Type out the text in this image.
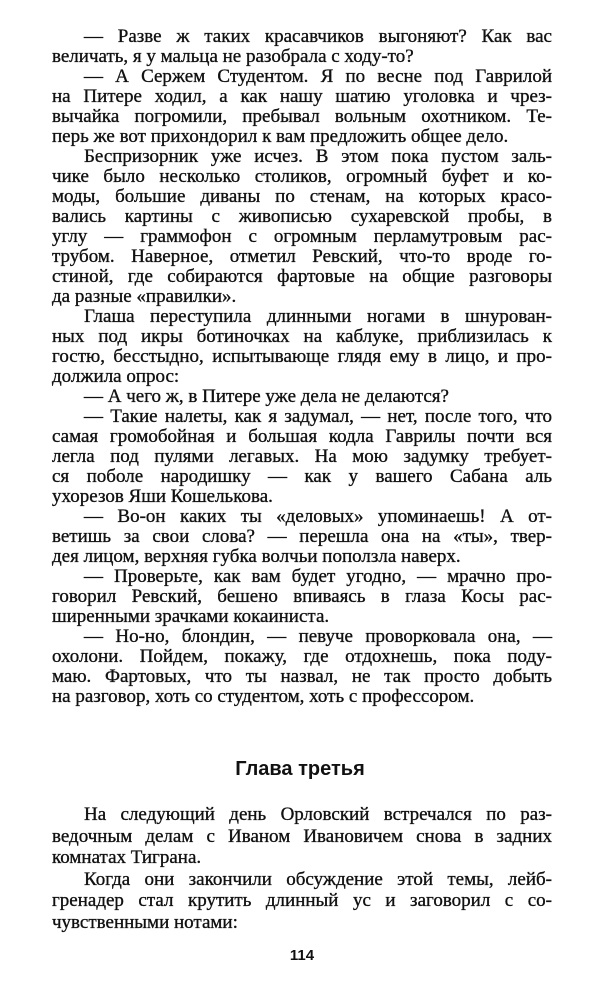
— Разве ж таких красавчиков выгоняют? Как вас
величать, я у мальца не разобрала с ходу-то?
— А Сержем Студентом. Я по весне под Гаврилой
на Питере ходил, а как нашу шатию уголовка и чрез-
вычайка погромили, пребывал вольным охотником. Те-
перь же вот прихондорил к вам предложить общее дело.
Беспризорник уже исчез. В этом пока пустом заль-
чике было несколько столиков, огромный буфет и ко-
моды, большие диваны по стенам, на которых красо-
вались картины с живописью сухаревской пробы, в
углу — граммофон с огромным перламутровым рас-
трубом. Наверное, отметил Ревский, что-то вроде го-
стиной, где собираются фартовые на общие разговоры
да разные «правилки».
Глаша переступила длинными ногами в шнурован-
ных под икры ботиночках на каблуке, приблизилась к
гостю, бесстыдно, испытывающе глядя ему в лицо, и про-
должила опрос:
— А чего ж, в Питере уже дела не делаются?
— Такие налеты, как я задумал, — нет, после того, что
самая громобойная и большая кодла Гаврилы почти вся
легла под пулями легавых. На мою задумку требует-
ся поболе народишку — как у вашего Сабана аль
ухорезов Яши Кошелькова.
— Во-он каких ты «деловых» упоминаешь! А от-
ветишь за свои слова? — перешла она на «ты», твер-
дея лицом, верхняя губка волчьи поползла наверх.
— Проверьте, как вам будет угодно, — мрачно про-
говорил Ревский, бешено впиваясь в глаза Косы рас-
ширенными зрачками кокаиниста.
— Но-но, блондин, — певуче проворковала она, —
охолони. Пойдем, покажу, где отдохнешь, пока поду-
маю. Фартовых, что ты назвал, не так просто добыть
на разговор, хоть со студентом, хоть с профессором.
Глава третья
На следующий день Орловский встречался по раз-
ведочным делам с Иваном Ивановичем снова в задних
комнатах Тиграна.
Когда они закончили обсуждение этой темы, лейб-
гренадер стал крутить длинный ус и заговорил с со-
чувственными нотами:
114
